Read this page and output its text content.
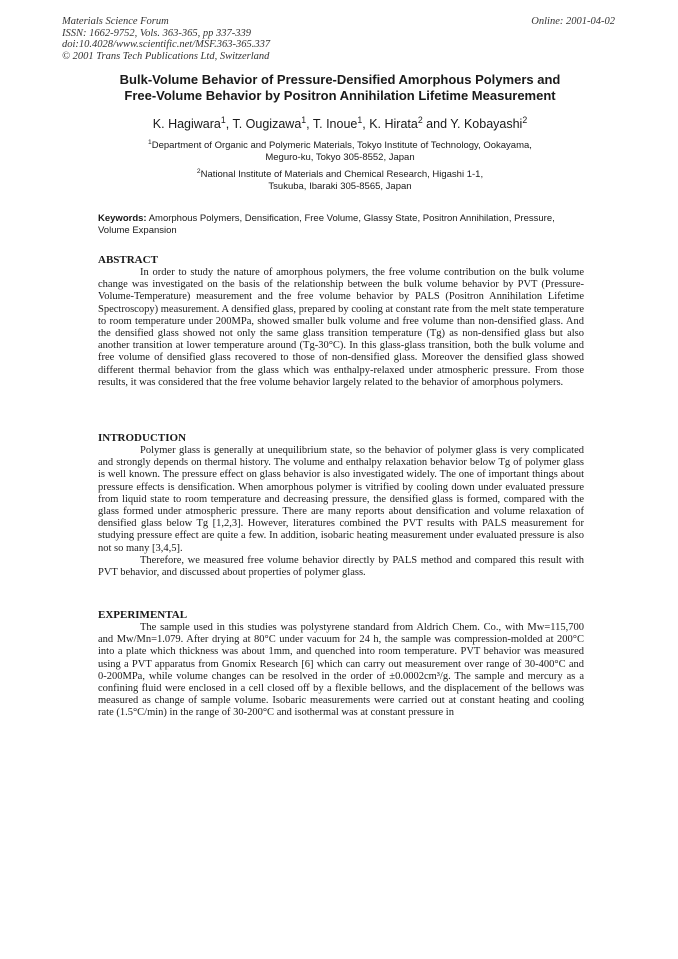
Materials Science Forum
ISSN: 1662-9752, Vols. 363-365, pp 337-339
doi:10.4028/www.scientific.net/MSF.363-365.337
© 2001 Trans Tech Publications Ltd, Switzerland
Online: 2001-04-02
Bulk-Volume Behavior of Pressure-Densified Amorphous Polymers and
Free-Volume Behavior by Positron Annihilation Lifetime Measurement
K. Hagiwara$^1$, T. Ougizawa$^1$, T. Inoue$^1$, K. Hirata$^2$ and Y. Kobayashi$^2$
$^1$Department of Organic and Polymeric Materials, Tokyo Institute of Technology, Ookayama,
Meguro-ku, Tokyo 305-8552, Japan
$^2$National Institute of Materials and Chemical Research, Higashi 1-1,
Tsukuba, Ibaraki 305-8565, Japan
Keywords: Amorphous Polymers, Densification, Free Volume, Glassy State, Positron Annihilation, Pressure, Volume Expansion
ABSTRACT

In order to study the nature of amorphous polymers, the free volume contribution on the bulk volume change was investigated on the basis of the relationship between the bulk volume behavior by PVT (Pressure-Volume-Temperature) measurement and the free volume behavior by PALS (Positron Annihilation Lifetime Spectroscopy) measurement. A densified glass, prepared by cooling at constant rate from the melt state temperature to room temperature under 200MPa, showed smaller bulk volume and free volume than non-densified glass. And the densified glass showed not only the same glass transition temperature (Tg) as non-densified glass but also another transition at lower temperature around (Tg-30°C). In this glass-glass transition, both the bulk volume and free volume of densified glass recovered to those of non-densified glass. Moreover the densified glass showed different thermal behavior from the glass which was enthalpy-relaxed under atmospheric pressure. From those results, it was considered that the free volume behavior largely related to the behavior of amorphous polymers.

INTRODUCTION

Polymer glass is generally at unequilibrium state, so the behavior of polymer glass is very complicated and strongly depends on thermal history. The volume and enthalpy relaxation behavior below Tg of polymer glass is well known. The pressure effect on glass behavior is also investigated widely. The one of important things about pressure effects is densification. When amorphous polymer is vitrified by cooling down under evaluated pressure from liquid state to room temperature and decreasing pressure, the densified glass is formed, compared with the glass formed under atmospheric pressure. There are many reports about densification and volume relaxation of densified glass below Tg [1,2,3]. However, literatures combined the PVT results with PALS measurement for studying pressure effect are quite a few. In addition, isobaric heating measurement under evaluated pressure is also not so many [3,4,5].

Therefore, we measured free volume behavior directly by PALS method and compared this result with PVT behavior, and discussed about properties of polymer glass.

EXPERIMENTAL

The sample used in this studies was polystyrene standard from Aldrich Chem. Co., with Mw=115,700 and Mw/Mn=1.079. After drying at 80°C under vacuum for 24 h, the sample was compression-molded at 200°C into a plate which thickness was about 1mm, and quenched into room temperature. PVT behavior was measured using a PVT apparatus from Gnomix Research [6] which can carry out measurement over range of 30-400°C and 0-200MPa, while volume changes can be resolved in the order of ±0.0002cm³/g. The sample and mercury as a confining fluid were enclosed in a cell closed off by a flexible bellows, and the displacement of the bellows was measured as change of sample volume. Isobaric measurements were carried out at constant heating and cooling rate (1.5°C/min) in the range of 30-200°C and isothermal was at constant pressure in
